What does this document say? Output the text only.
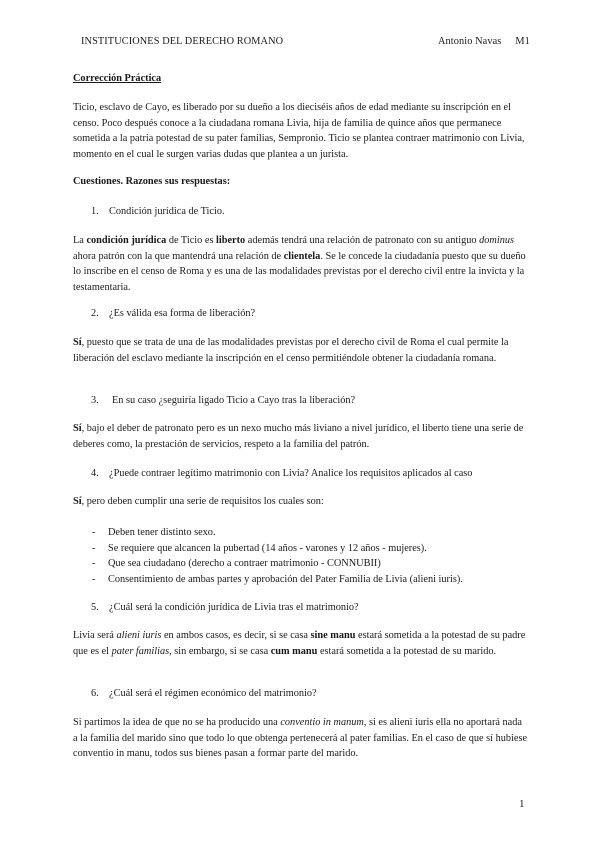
INSTITUCIONES DEL DERECHO ROMANO	Antonio Navas M1

Corrección Práctica

Ticio, esclavo de Cayo, es liberado por su dueño a los dieciséis años de edad mediante su inscripción en el censo. Poco después conoce a la ciudadana romana Livia, hija de familia de quince años que permanece sometida a la patria potestad de su pater familias, Sempronio. Ticio se plantea contraer matrimonio con Livia, momento en el cual le surgen varias dudas que plantea a un jurista.

Cuestiones. Razones sus respuestas:

1. Condición jurídica de Ticio.

La condición jurídica de Ticio es liberto además tendrá una relación de patronato con su antiguo dominus ahora patrón con la que mantendrá una relación de clientela. Se le concede la ciudadanía puesto que su dueño lo inscribe en el censo de Roma y es una de las modalidades previstas por el derecho civil entre la invicta y la testamentaria.

2. ¿Es válida esa forma de liberación?

Sí, puesto que se trata de una de las modalidades previstas por el derecho civil de Roma el cual permite la liberación del esclavo mediante la inscripción en el censo permitiéndole obtener la ciudadanía romana.

3. En su caso ¿seguiría ligado Ticio a Cayo tras la liberación?

Sí, bajo el deber de patronato pero es un nexo mucho más liviano a nivel jurídico, el liberto tiene una serie de deberes como, la prestación de servicios, respeto a la familia del patrón.

4. ¿Puede contraer legítimo matrimonio con Livia? Analice los requisitos aplicados al caso

Sí, pero deben cumplir una serie de requisitos los cuales son:

- Deben tener distinto sexo.
- Se requiere que alcancen la pubertad (14 años - varones y 12 años - mujeres).
- Que sea ciudadano (derecho a contraer matrimonio - CONNUBII)
- Consentimiento de ambas partes y aprobación del Pater Familia de Livia (alieni iuris).
5. ¿Cuál será la condición jurídica de Livia tras el matrimonio?

Livia será alieni iuris en ambos casos, es decir, si se casa sine manu estará sometida a la potestad de su padre que es el pater familias, sin embargo, si se casa cum manu estará sometida a la potestad de su marido.

6. ¿Cuál será el régimen económico del matrimonio?

Si partimos la idea de que no se ha producido una conventio in manum, si es alieni iuris ella no aportará nada a la familia del marido sino que todo lo que obtenga pertenecerá al pater familias. En el caso de que sí hubiese conventio in manu, todos sus bienes pasan a formar parte del marido.

1
